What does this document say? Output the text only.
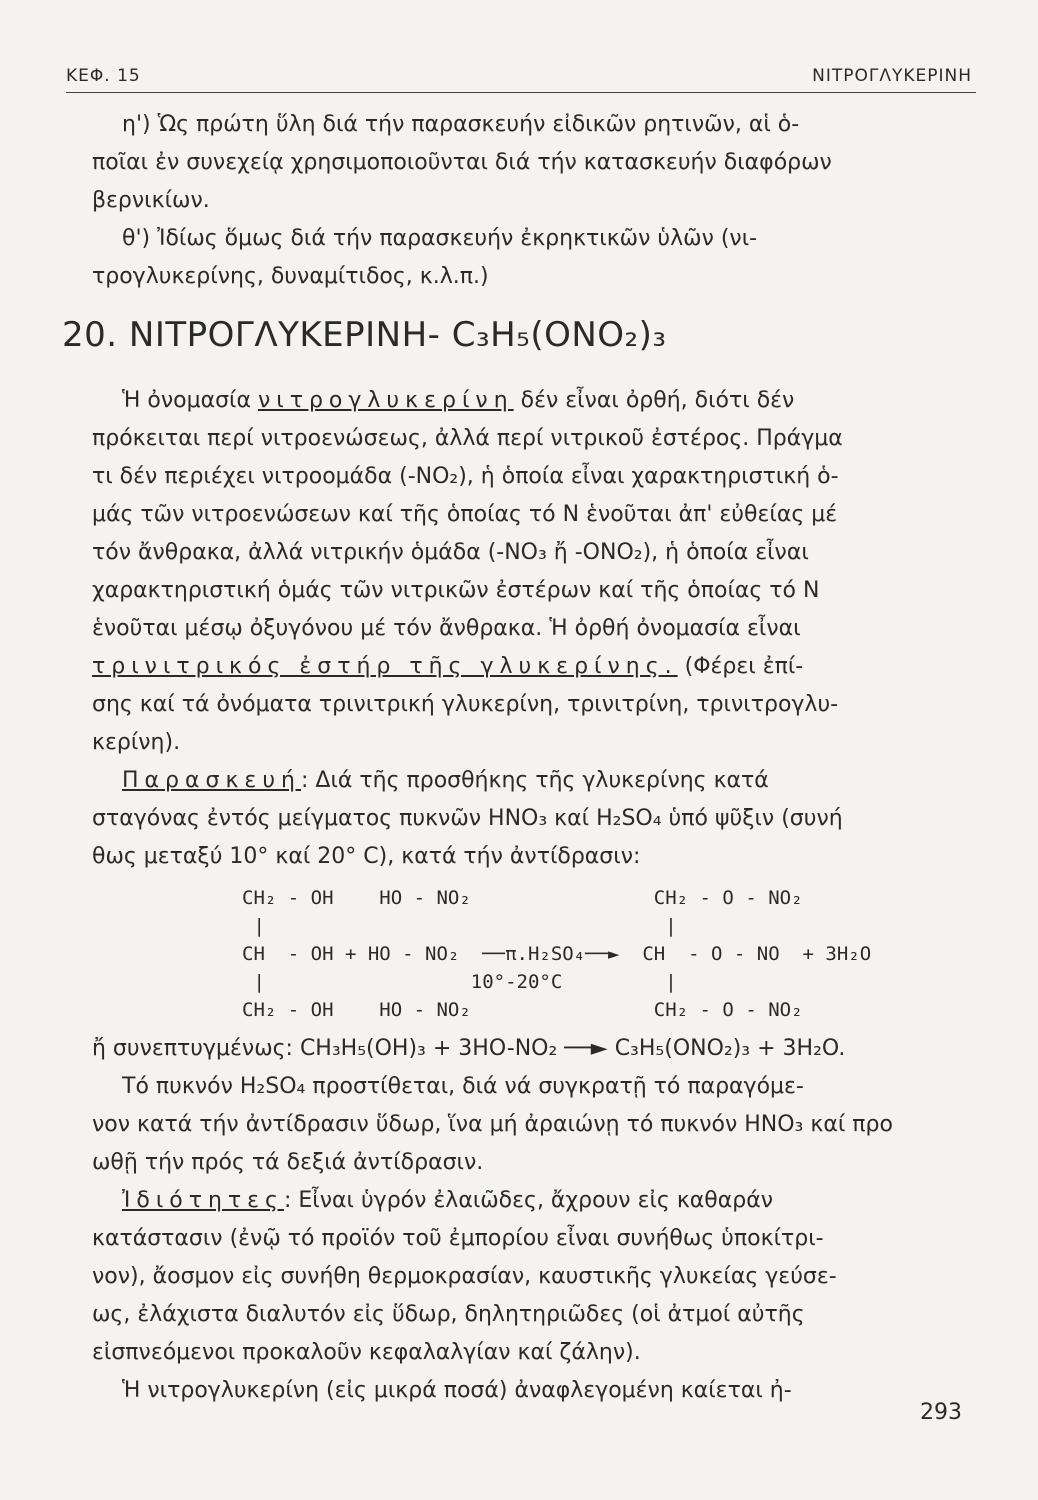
ΚΕΦ. 15	ΝΙΤΡΟΓΛΥΚΕΡΙΝΗ
η') Ὡς πρώτη ὕλη διά τήν παρασκευήν εἰδικῶν ρητινῶν, αἱ ὁ-
ποῖαι ἐν συνεχείᾳ χρησιμοποιοῦνται διά τήν κατασκευήν διαφόρων
βερνικίων.
θ') Ἰδίως ὅμως διά τήν παρασκευήν ἐκρηκτικῶν ὑλῶν (νι-
τρογλυκερίνης, δυναμίτιδος, κ.λ.π.)
20. ΝΙΤΡΟΓΛΥΚΕΡΙΝΗ- C₃H₅(ONO₂)₃
Ἡ ὀνομασία νιτρογλυκερίνη δέν εἶναι ὀρθή, διότι δέν
πρόκειται περί νιτροενώσεως, ἀλλά περί νιτρικοῦ ἐστέρος. Πράγμα
τι δέν περιέχει νιτροομάδα (-NO₂), ἡ ὁποία εἶναι χαρακτηριστική ὁ-
μάς τῶν νιτροενώσεων καί τῆς ὁποίας τό N ἑνοῦται ἀπ' εὐθείας μέ
τόν ἄνθρακα, ἀλλά νιτρικήν ὁμάδα (-NO₃ ἤ -ONO₂), ἡ ὁποία εἶναι
χαρακτηριστική ὁμάς τῶν νιτρικῶν ἐστέρων καί τῆς ὁποίας τό N
ἑνοῦται μέσῳ ὀξυγόνου μέ τόν ἄνθρακα. Ἡ ὀρθή ὀνομασία εἶναι
τρινιτρικός ἐστήρ τῆς γλυκερίνης. (Φέρει ἐπί-
σης καί τά ὀνόματα τρινιτρική γλυκερίνη, τρινιτρίνη, τρινιτρογλυ-
κερίνη).
Παρασκευή: Διά τῆς προσθήκης τῆς γλυκερίνης κατά
σταγόνας ἐντός μείγματος πυκνῶν HNO₃ καί H₂SO₄ ὑπό ψῦξιν (συνή
θως μεταξύ 10° καί 20° C), κατά τήν ἀντίδρασιν:
CH₂ - OH    HO - NO₂                CH₂ - O - NO₂
|                                   |
CH  - OH + HO - NO₂  ──π.H₂SO₄──►  CH  - O - NO  + 3H₂O
|                  10°-20°C         |
CH₂ - OH    HO - NO₂                CH₂ - O - NO₂
ἤ συνεπτυγμένως: CH₃H₅(OH)₃ + 3HO-NO₂ ──► C₃H₅(ONO₂)₃ + 3H₂O.
Τό πυκνόν H₂SO₄ προστίθεται, διά νά συγκρατῇ τό παραγόμε-
νον κατά τήν ἀντίδρασιν ὕδωρ, ἵνα μή ἀραιώνῃ τό πυκνόν HNO₃ καί προ
ωθῇ τήν πρός τά δεξιά ἀντίδρασιν.
Ἰδιότητες: Εἶναι ὑγρόν ἐλαιῶδες, ἄχρουν εἰς καθαράν
κατάστασιν (ἐνῷ τό προϊόν τοῦ ἐμπορίου εἶναι συνήθως ὑποκίτρι-
νον), ἄοσμον εἰς συνήθη θερμοκρασίαν, καυστικῆς γλυκείας γεύσε-
ως, ἐλάχιστα διαλυτόν εἰς ὕδωρ, δηλητηριῶδες (οἱ ἀτμοί αὐτῆς
εἰσπνεόμενοι προκαλοῦν κεφαλαλγίαν καί ζάλην).
Ἡ νιτρογλυκερίνη (εἰς μικρά ποσά) ἀναφλεγομένη καίεται ἠ-
293
